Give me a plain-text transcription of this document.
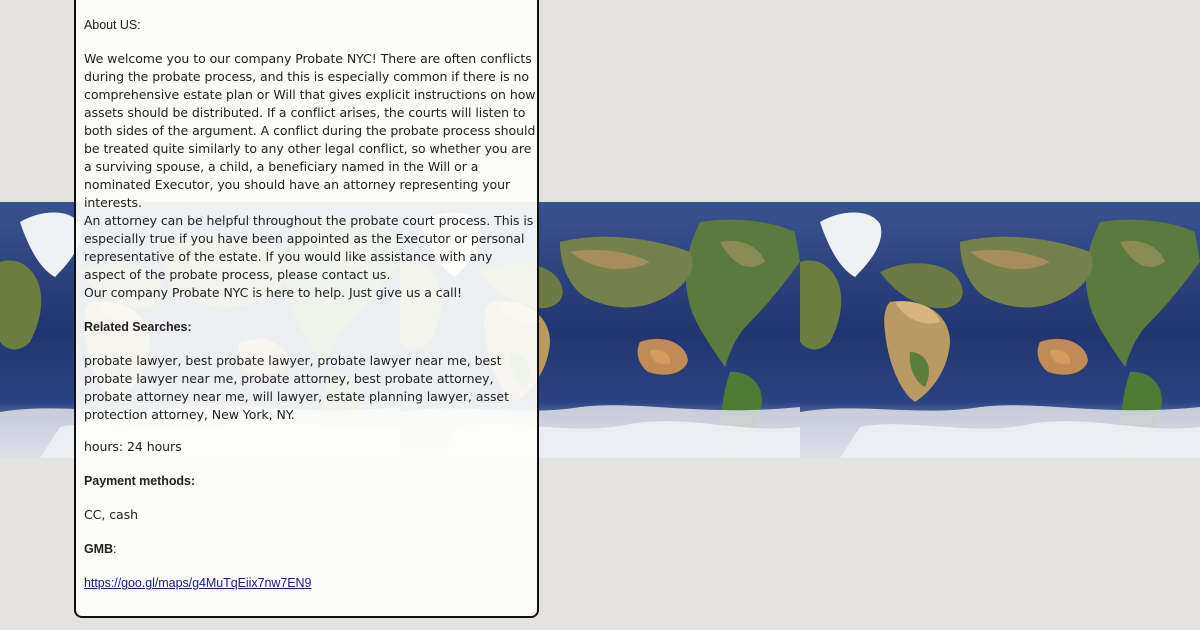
About US:

We welcome you to our company Probate NYC! There are often conflicts during the probate process, and this is especially common if there is no comprehensive estate plan or Will that gives explicit instructions on how assets should be distributed. If a conflict arises, the courts will listen to both sides of the argument. A conflict during the probate process should be treated quite similarly to any other legal conflict, so whether you are a surviving spouse, a child, a beneficiary named in the Will or a nominated Executor, you should have an attorney representing your interests.

An attorney can be helpful throughout the probate court process. This is especially true if you have been appointed as the Executor or personal representative of the estate. If you would like assistance with any aspect of the probate process, please contact us.

Our company Probate NYC is here to help. Just give us a call!

Related Searches:

probate lawyer, best probate lawyer, probate lawyer near me, best probate lawyer near me, probate attorney, best probate attorney, probate attorney near me, will lawyer, estate planning lawyer, asset protection attorney, New York, NY.

hours: 24 hours

Payment methods:

CC, cash

GMB:

https://goo.gl/maps/g4MuTqEiix7nw7EN9
